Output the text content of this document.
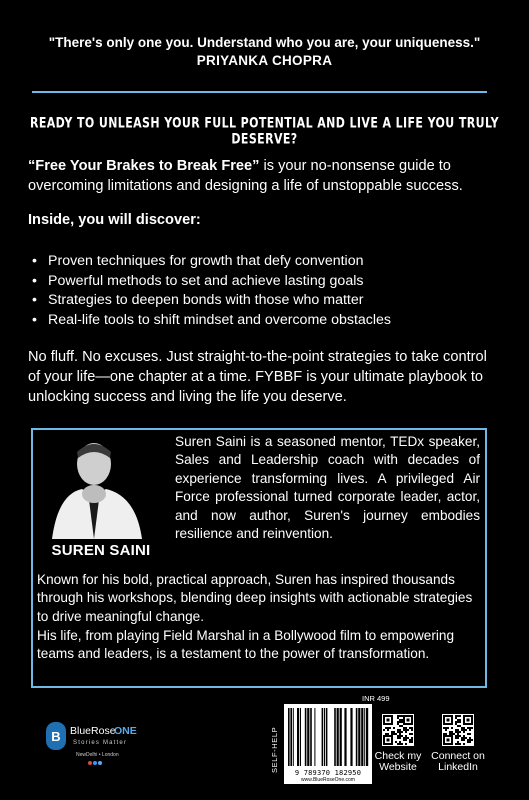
"There's only one you. Understand who you are, your uniqueness."
PRIYANKA CHOPRA
READY TO UNLEASH YOUR FULL POTENTIAL AND LIVE A LIFE YOU TRULY DESERVE?
“Free Your Brakes to Break Free” is your no-nonsense guide to overcoming limitations and designing a life of unstoppable success.
Inside, you will discover:
• Proven techniques for growth that defy convention
• Powerful methods to set and achieve lasting goals
• Strategies to deepen bonds with those who matter
• Real-life tools to shift mindset and overcome obstacles
No fluff. No excuses. Just straight-to-the-point strategies to take control of your life—one chapter at a time. FYBBF is your ultimate playbook to unlocking success and living the life you deserve.
SUREN SAINI
Suren Saini is a seasoned mentor, TEDx speaker, Sales and Leadership coach with decades of experience transforming lives. A privileged Air Force professional turned corporate leader, actor, and now author, Suren's journey embodies resilience and reinvention.
Known for his bold, practical approach, Suren has inspired thousands through his workshops, blending deep insights with actionable strategies to drive meaningful change.
His life, from playing Field Marshal in a Bollywood film to empowering teams and leaders, is a testament to the power of transformation.
B BlueRose
ONE
Stories Matter
NewDelhi • London
INR 499
SELF-HELP	9 789370 182950
www.BlueRoseOne.com
Check my Website
Connect on LinkedIn
